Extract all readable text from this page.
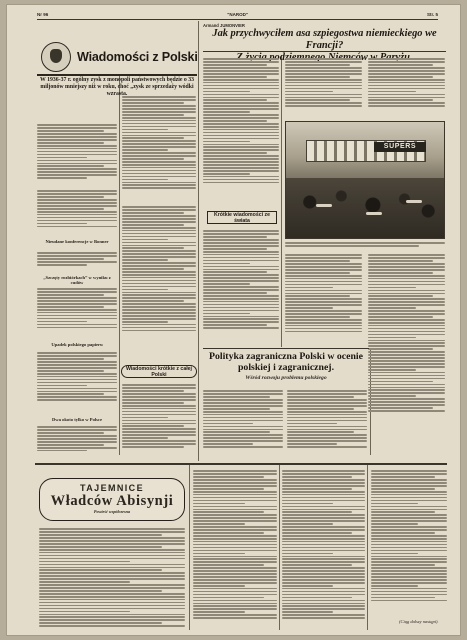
Nr 96	"NAROD"	Str. 5
Wiadomości z Polski
W 1936-37 r. ogólny zysk z monopoli państwowych będzie o 33 miljonów mniejszy niż w roku, choć „zysk ze sprzedaży wódki wzrasta.
Nieudane konferencje w Bonner
„Szczęty rozbiórkach” w wyniku z cudów
Upadek polskiego papieru
Dwa okoto tylko w Polsce
Wiadomości krótkie z całej Polski
Armand JUMONVIER
Jak przychwyciłem asa szpiegostwa niemieckiego we Francji?
Krótkie wiadomości ze świata
SUPERS
Polityka zagraniczna Polski w ocenie polskiej i zagranicznej.
Wśród rozwoju problemu polskiego
TAJEMNICE
Władców Abisynji
Powieść współczesna
(Ciąg dalszy nastąpi).
